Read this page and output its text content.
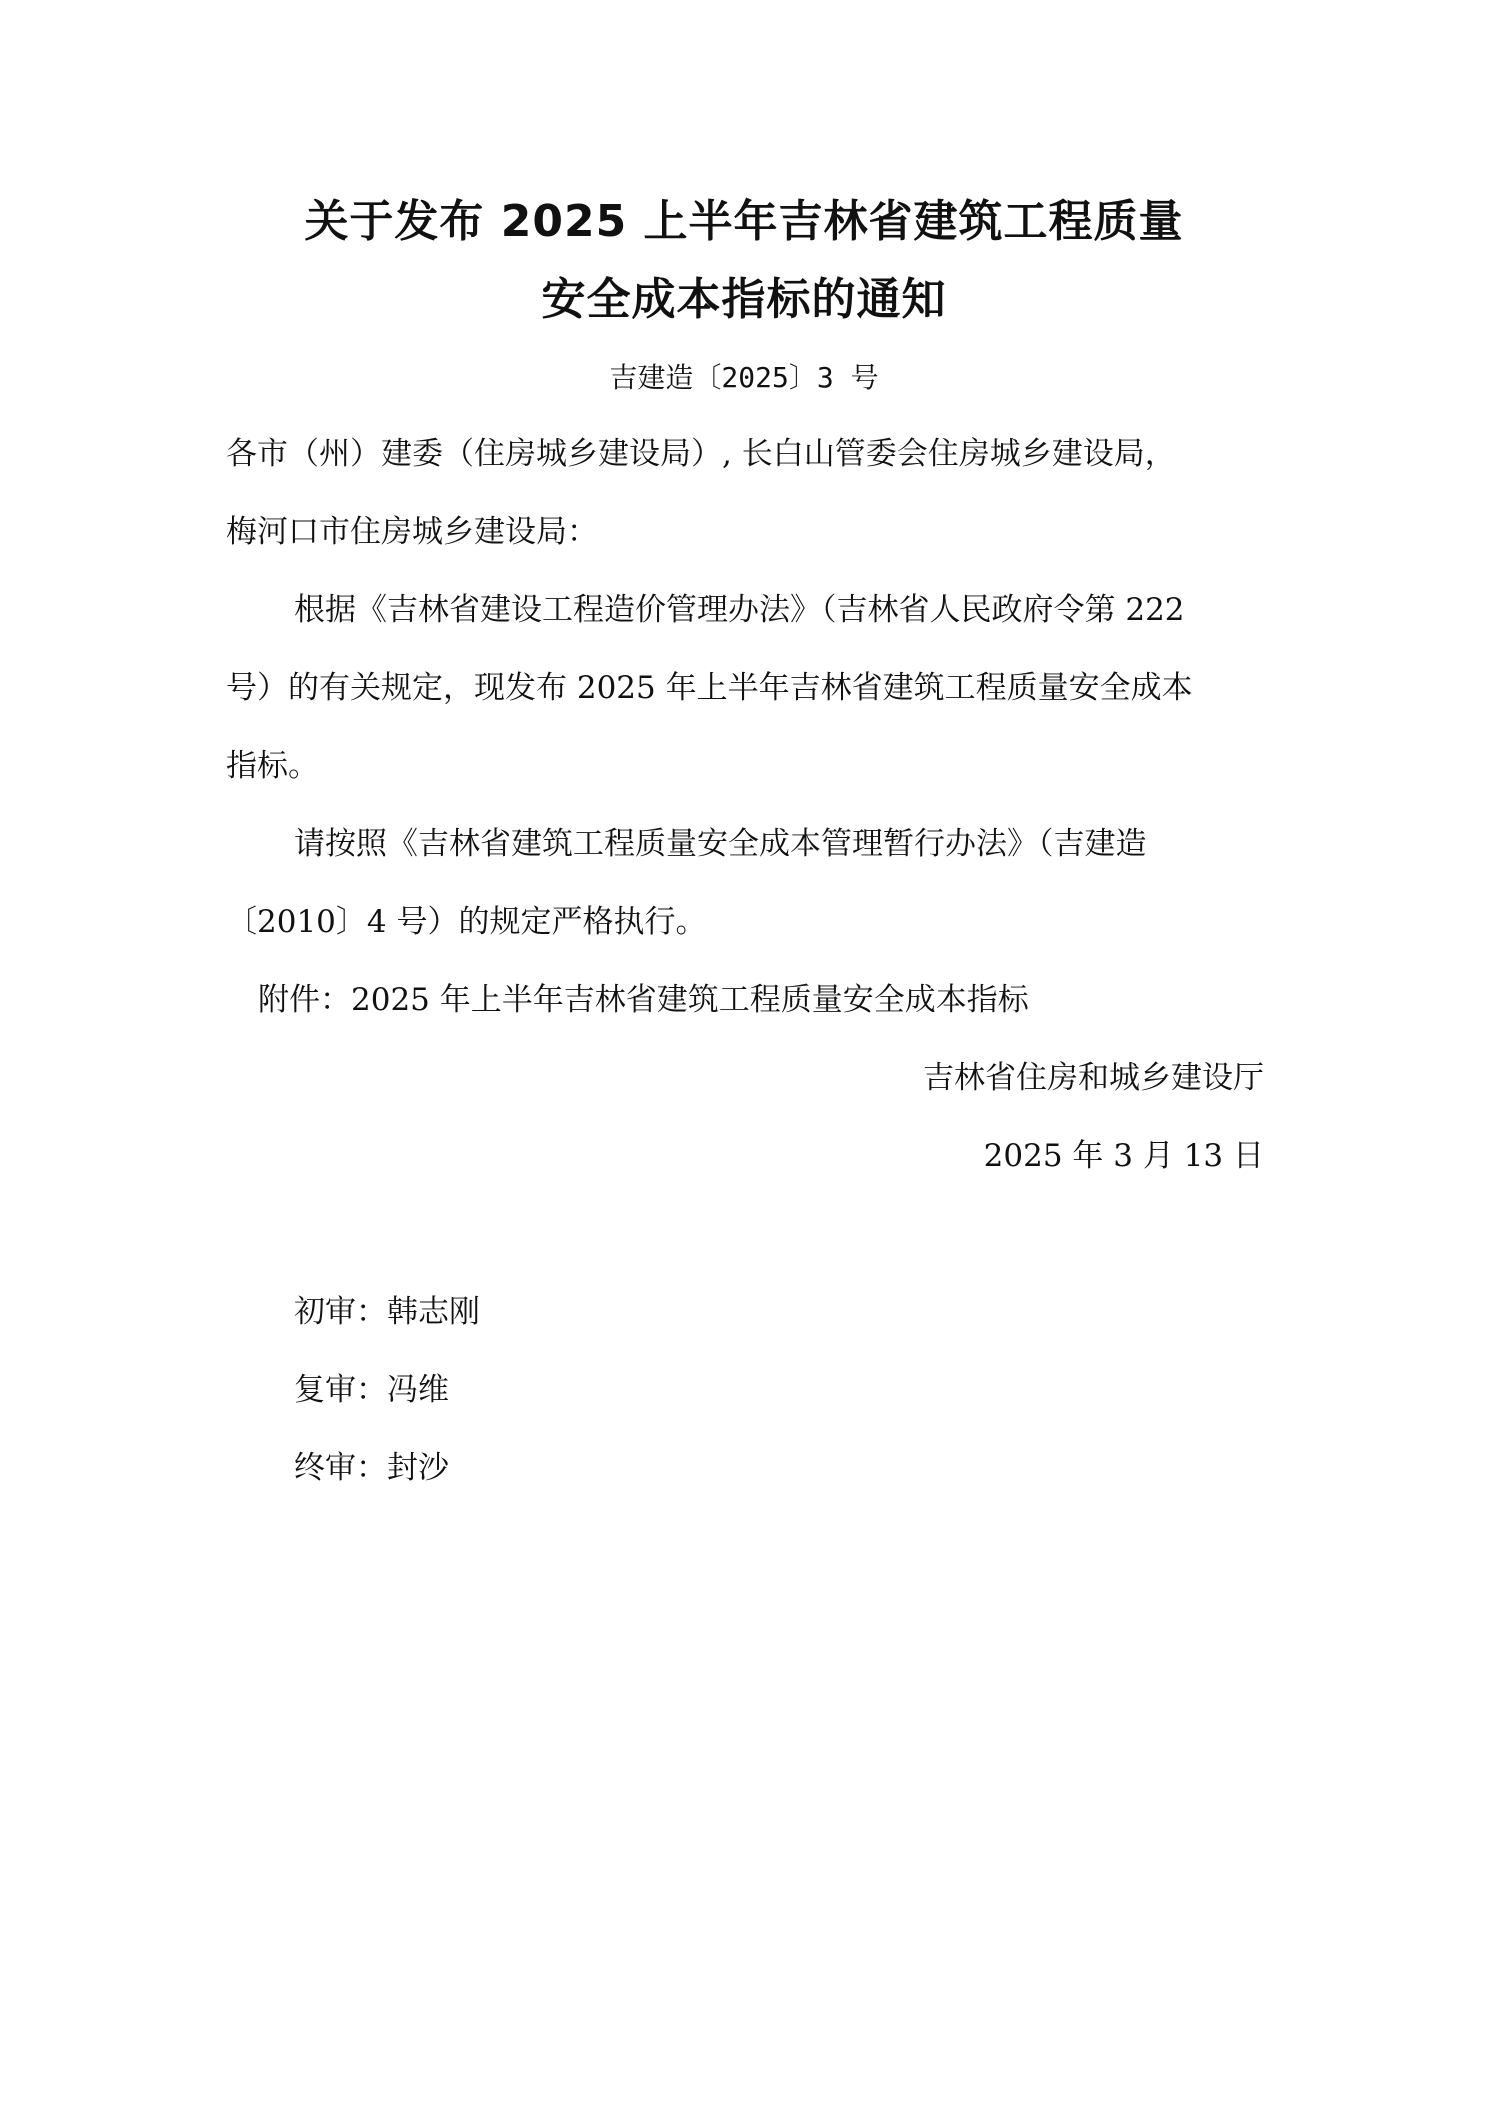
关于发布 2025 上半年吉林省建筑工程质量
安全成本指标的通知
吉建造〔2025〕3 号
各市（州）建委（住房城乡建设局）, 长白山管委会住房城乡建设局，
梅河口市住房城乡建设局：
根据《吉林省建设工程造价管理办法》（吉林省人民政府令第 222
号）的有关规定，现发布 2025 年上半年吉林省建筑工程质量安全成本
指标。
请按照《吉林省建筑工程质量安全成本管理暂行办法》（吉建造
〔2010〕4 号）的规定严格执行。
附件：2025 年上半年吉林省建筑工程质量安全成本指标
吉林省住房和城乡建设厅
2025 年 3 月 13 日
初审：韩志刚
复审：冯维
终审：封沙
